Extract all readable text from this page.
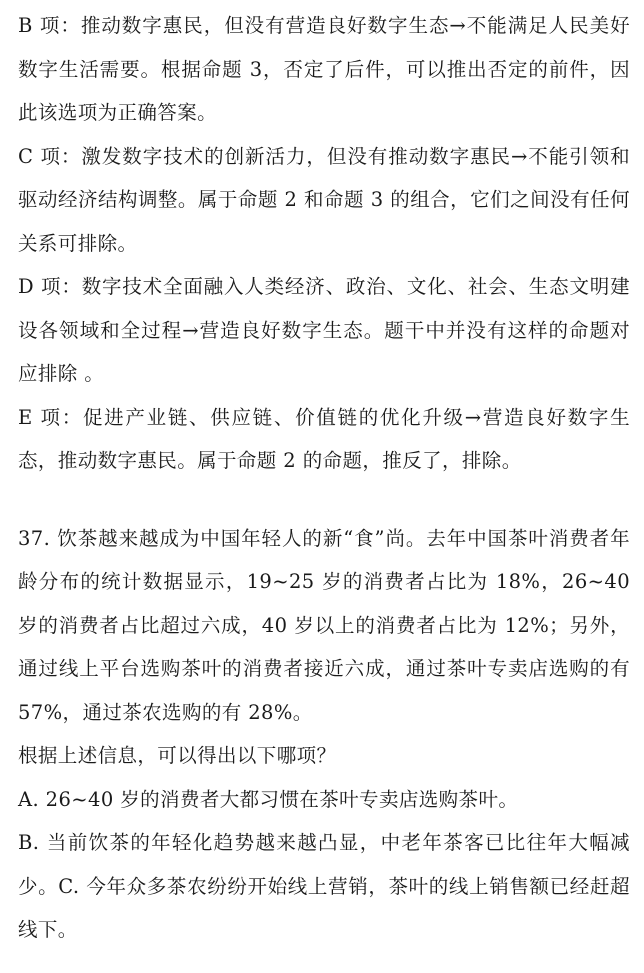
B 项：推动数字惠民，但没有营造良好数字生态→不能满足人民美好数字生活需要。根据命题 3，否定了后件，可以推出否定的前件，因此该选项为正确答案。

C 项：激发数字技术的创新活力，但没有推动数字惠民→不能引领和驱动经济结构调整。属于命题 2 和命题 3 的组合，它们之间没有任何关系可排除。

D 项：数字技术全面融入人类经济、政治、文化、社会、生态文明建设各领域和全过程→营造良好数字生态。题干中并没有这样的命题对应排除 。

E 项：促进产业链、供应链、价值链的优化升级→营造良好数字生态，推动数字惠民。属于命题 2 的命题，推反了，排除。

37. 饮茶越来越成为中国年轻人的新“食”尚。去年中国茶叶消费者年龄分布的统计数据显示，19~25 岁的消费者占比为 18%，26~40 岁的消费者占比超过六成，40 岁以上的消费者占比为 12%；另外，通过线上平台选购茶叶的消费者接近六成，通过茶叶专卖店选购的有 57%，通过茶农选购的有 28%。

根据上述信息，可以得出以下哪项？

A. 26~40 岁的消费者大都习惯在茶叶专卖店选购茶叶。

B. 当前饮茶的年轻化趋势越来越凸显，中老年茶客已比往年大幅减少。C. 今年众多茶农纷纷开始线上营销，茶叶的线上销售额已经赶超线下。
